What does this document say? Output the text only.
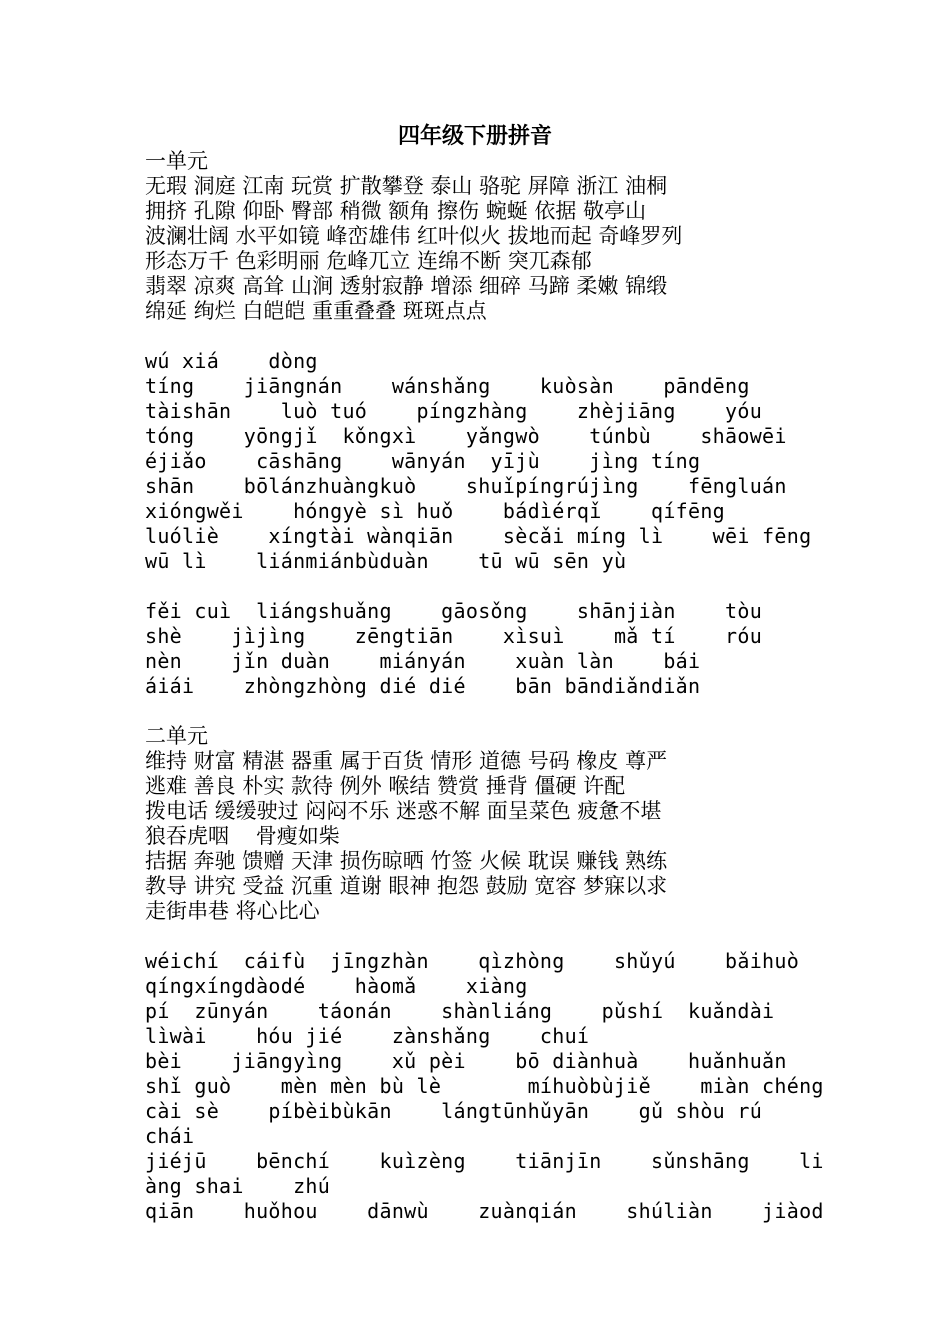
四年级下册拼音
一单元
无瑕 洞庭 江南 玩赏 扩散攀登 泰山 骆驼 屏障 浙江 油桐
拥挤 孔隙 仰卧 臀部 稍微 额角 擦伤 蜿蜒 依据 敬亭山
波澜壮阔 水平如镜 峰峦雄伟 红叶似火 拔地而起 奇峰罗列
形态万千 色彩明丽 危峰兀立 连绵不断 突兀森郁
翡翠 凉爽 高耸 山涧 透射寂静 增添 细碎 马蹄 柔嫩 锦缎
绵延 绚烂 白皑皑 重重叠叠 斑斑点点
wú xiá    dòng
tíng    jiāngnán    wánshǎng    kuòsàn    pāndēng
tàishān    luò tuó    píngzhàng    zhèjiāng    yóu
tóng    yōngjǐ  kǒngxì    yǎngwò    túnbù    shāowēi
éjiǎo    cāshāng    wānyán  yījù    jìng tíng
shān    bōlánzhuàngkuò    shuǐpíngrújìng    fēngluán
xióngwěi    hóngyè sì huǒ    bádìérqǐ    qífēng
luóliè    xíngtài wànqiān    sècǎi míng lì    wēi fēng
wū lì    liánmiánbùduàn    tū wū sēn yù
fěi cuì  liángshuǎng    gāosǒng    shānjiàn    tòu
shè    jìjìng    zēngtiān    xìsuì    mǎ tí    róu
nèn    jǐn duàn    miányán    xuàn làn    bái
áiái    zhòngzhòng dié dié    bān bāndiǎndiǎn
二单元
维持 财富 精湛 器重 属于百货 情形 道德 号码 橡皮 尊严
逃难 善良 朴实 款待 例外 喉结 赞赏 捶背 僵硬 许配
拨电话 缓缓驶过 闷闷不乐 迷惑不解 面呈菜色 疲惫不堪
狼吞虎咽    骨瘦如柴
拮据 奔驰 馈赠 天津 损伤晾晒 竹签 火候 耽误 赚钱 熟练
教导 讲究 受益 沉重 道谢 眼神 抱怨 鼓励 宽容 梦寐以求
走街串巷 将心比心
wéichí  cáifù  jīngzhàn    qìzhòng    shǔyú    bǎihuò
qíngxíngdàodé    hàomǎ    xiàng
pí  zūnyán    táonán    shànliáng    pǔshí  kuǎndài
lìwài    hóu jié    zànshǎng    chuí
bèi    jiāngyìng    xǔ pèi    bō diànhuà    huǎnhuǎn
shǐ guò    mèn mèn bù lè       míhuòbùjiě    miàn chéng
cài sè    píbèibùkān    lángtūnhǔyān    gǔ shòu rú
chái
jiéjū    bēnchí    kuìzèng    tiānjīn    sǔnshāng    li
àng shai    zhú
qiān    huǒhou    dānwù    zuànqián    shúliàn    jiàod
